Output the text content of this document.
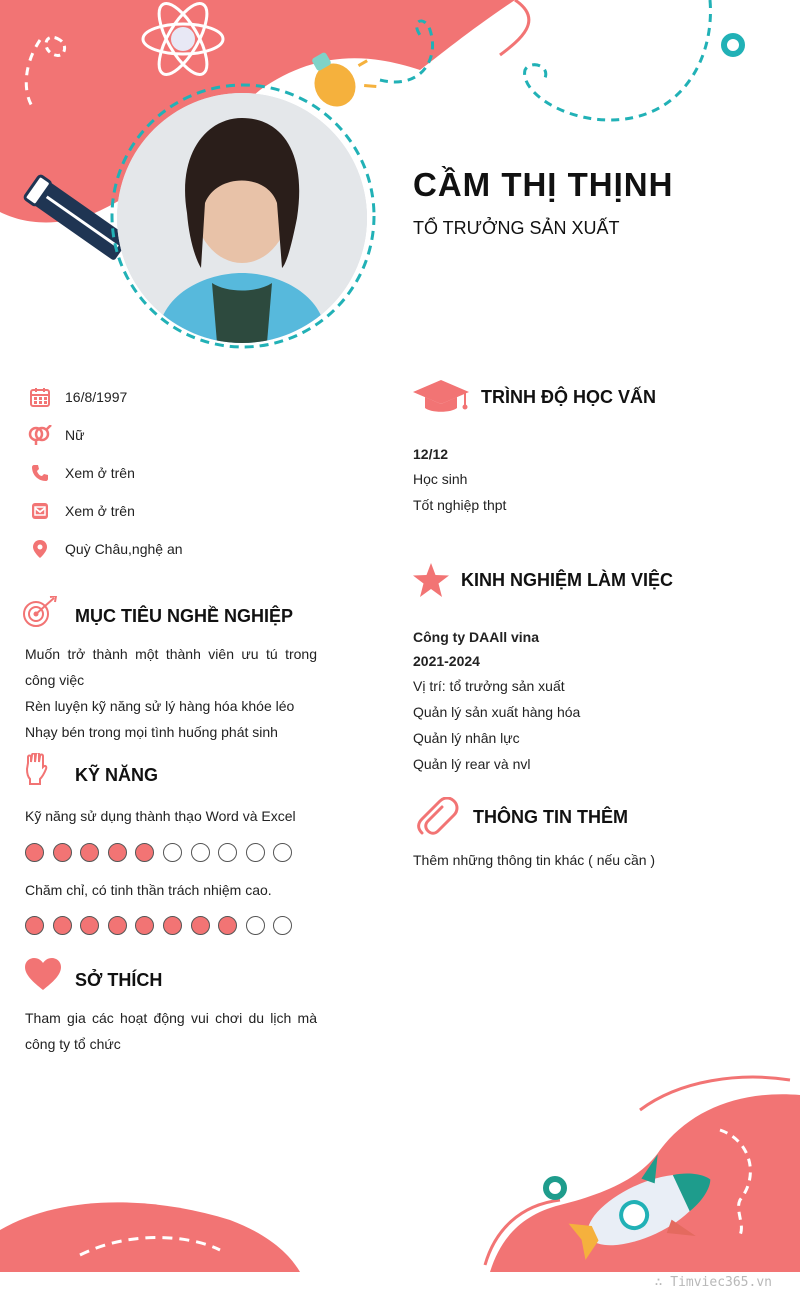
CẦM THỊ THỊNH
TỔ TRƯỞNG SẢN XUẤT
16/8/1997
Nữ
Xem ở trên
Xem ở trên
Quỳ Châu,nghệ an
MỤC TIÊU NGHỀ NGHIỆP
Muốn trở thành một thành viên ưu tú trong công việc
Rèn luyện kỹ năng sử lý hàng hóa khóe léo
Nhạy bén trong mọi tình huống phát sinh
KỸ NĂNG
Kỹ năng sử dụng thành thạo Word và Excel
Chăm chỉ, có tinh thần trách nhiệm cao.
SỞ THÍCH
Tham gia các hoạt động vui chơi du lịch mà công ty tổ chức
TRÌNH ĐỘ HỌC VẤN
12/12
Học sinh
Tốt nghiệp thpt
KINH NGHIỆM LÀM VIỆC
Công ty DAAll vina
2021-2024
Vị trí: tổ trưởng sản xuất
Quản lý sản xuất hàng hóa
Quản lý nhân lực
Quản lý rear và nvl
THÔNG TIN THÊM
Thêm những thông tin khác ( nếu cần )
∴ Timviec365.vn
